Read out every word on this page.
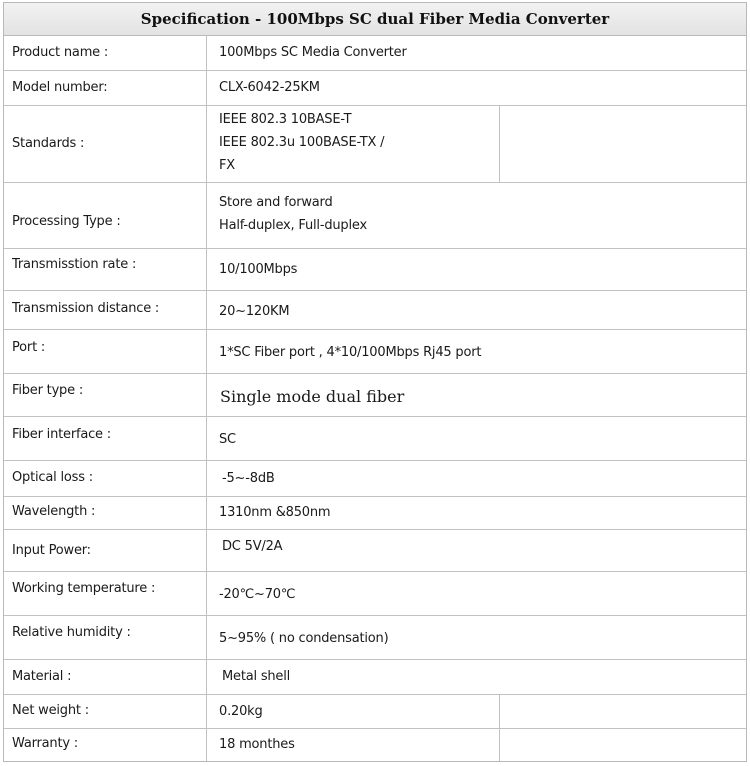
Specification - 100Mbps SC dual Fiber Media Converter
Product name :
Model number:
Standards :
Processing Type :
Transmisstion rate :
Transmission distance :
Port :
Fiber type :
Fiber interface :
Optical loss :
Wavelength :
Input Power:
Working temperature :
Relative humidity :
Material :
Net weight :
Warranty :
100Mbps SC Media Converter
CLX-6042-25KM
IEEE 802.3 10BASE-T
IEEE 802.3u 100BASE-TX /
FX
Store and forward
Half-duplex, Full-duplex
10/100Mbps
20~120KM
1*SC Fiber port , 4*10/100Mbps Rj45 port
Single mode dual fiber
SC
-5~-8dB
1310nm &850nm
DC 5V/2A
-20℃~70℃
5~95% ( no condensation)
Metal shell
0.20kg
18 monthes
